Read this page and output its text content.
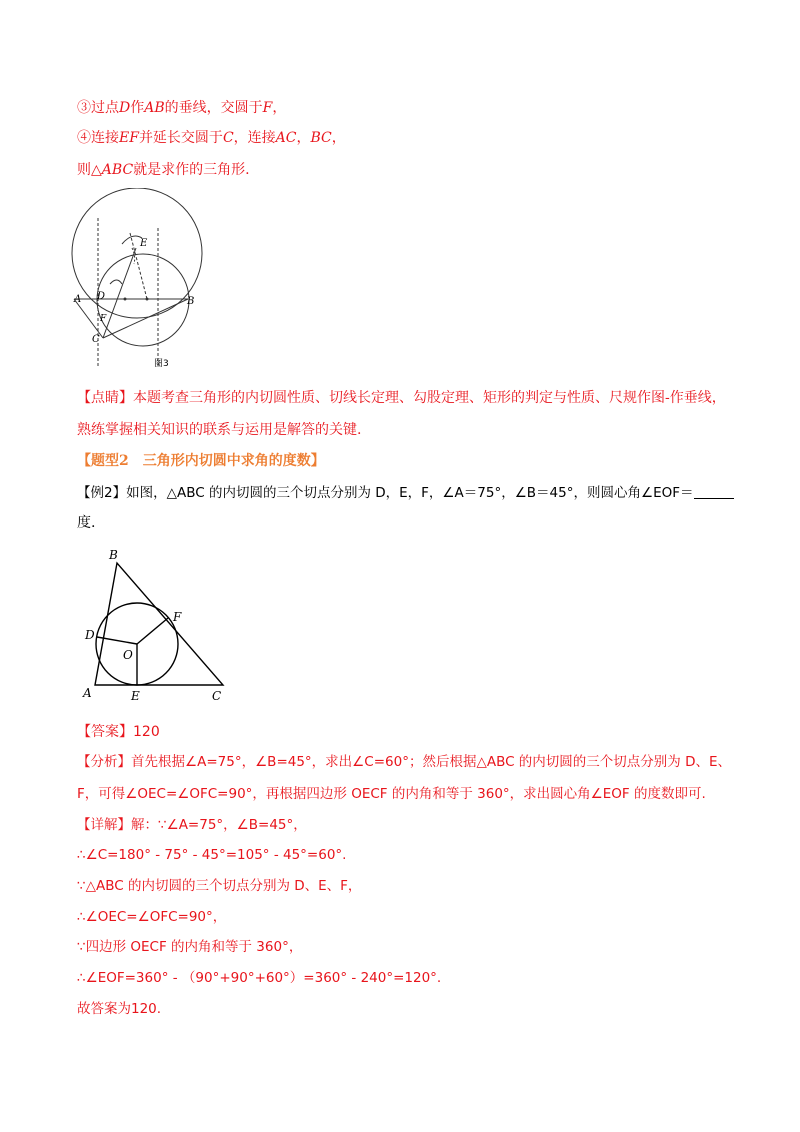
③过点D作AB的垂线，交圆于F，
④连接EF并延长交圆于C，连接AC，BC，
则△ABC就是求作的三角形.
E
A D	B
F
C
图3
【点睛】本题考查三角形的内切圆性质、切线长定理、勾股定理、矩形的判定与性质、尺规作图-作垂线，
熟练掌握相关知识的联系与运用是解答的关键.
【题型2　三角形内切圆中求角的度数】
【例2】如图，△ABC 的内切圆的三个切点分别为 D，E，F，∠A＝75°，∠B＝45°，则圆心角∠EOF＝
度.
B
F
D
O
A	E	C
【答案】120
【分析】首先根据∠A=75°，∠B=45°，求出∠C=60°；然后根据△ABC 的内切圆的三个切点分别为 D、E、
F，可得∠OEC=∠OFC=90°，再根据四边形 OECF 的内角和等于 360°，求出圆心角∠EOF 的度数即可.
【详解】解：∵∠A=75°，∠B=45°，
∴∠C=180° - 75° - 45°=105° - 45°=60°.
∵△ABC 的内切圆的三个切点分别为 D、E、F，
∴∠OEC=∠OFC=90°，
∵四边形 OECF 的内角和等于 360°，
∴∠EOF=360° - （90°+90°+60°）=360° - 240°=120°.
故答案为120.
